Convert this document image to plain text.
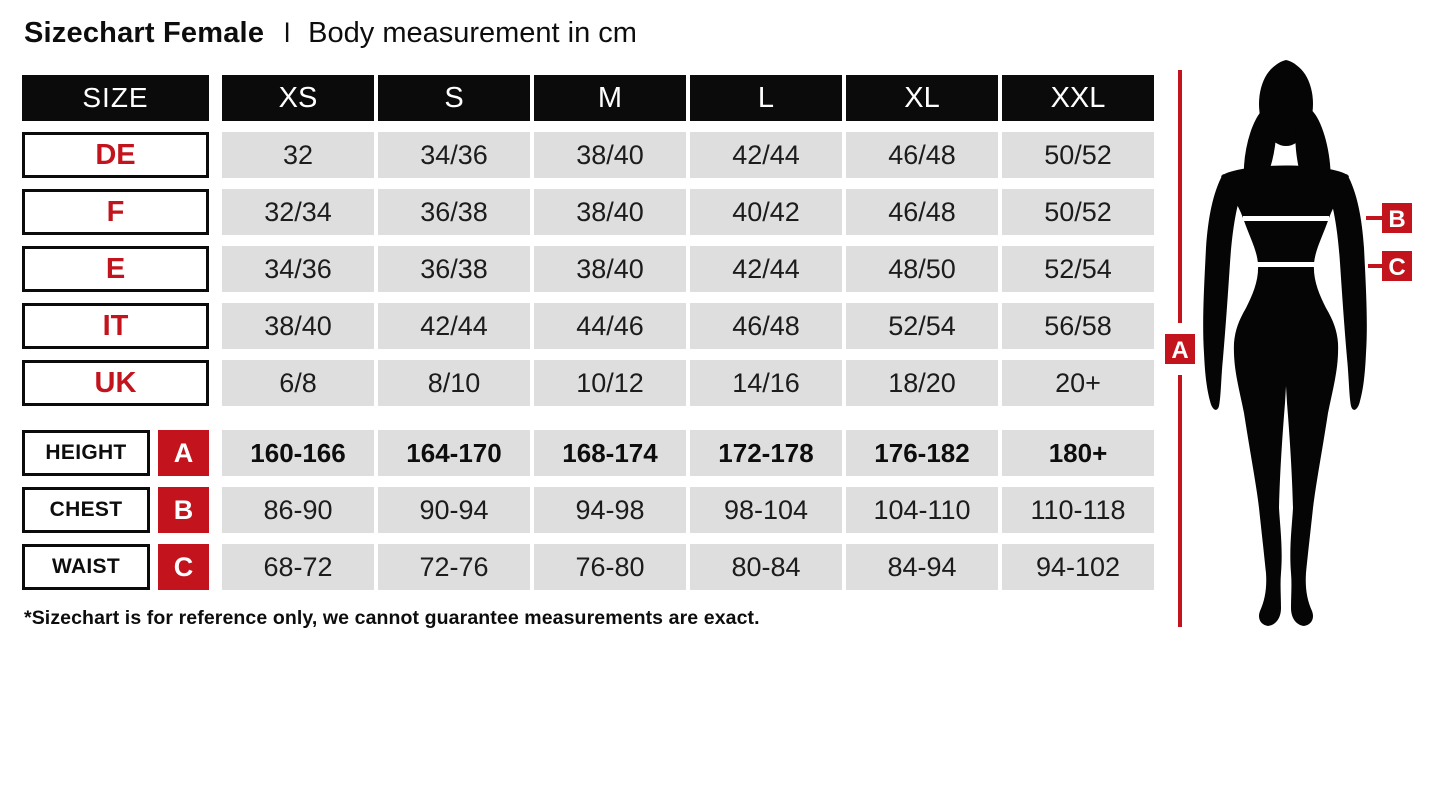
Sizechart Female l Body measurement in cm
SIZE	XS	S	M	L	XL	XXL
DE	32	34/36	38/40	42/44	46/48	50/52
F	32/34	36/38	38/40	40/42	46/48	50/52
E	34/36	36/38	38/40	42/44	48/50	52/54
IT	38/40	42/44	44/46	46/48	52/54	56/58
UK	6/8	8/10	10/12	14/16	18/20	20+
HEIGHT	A	160-166	164-170	168-174	172-178	176-182	180+
CHEST	B	86-90	90-94	94-98	98-104	104-110	110-118
WAIST	C	68-72	72-76	76-80	80-84	84-94	94-102
*Sizechart is for reference only, we cannot guarantee measurements are exact.
B
C
A
